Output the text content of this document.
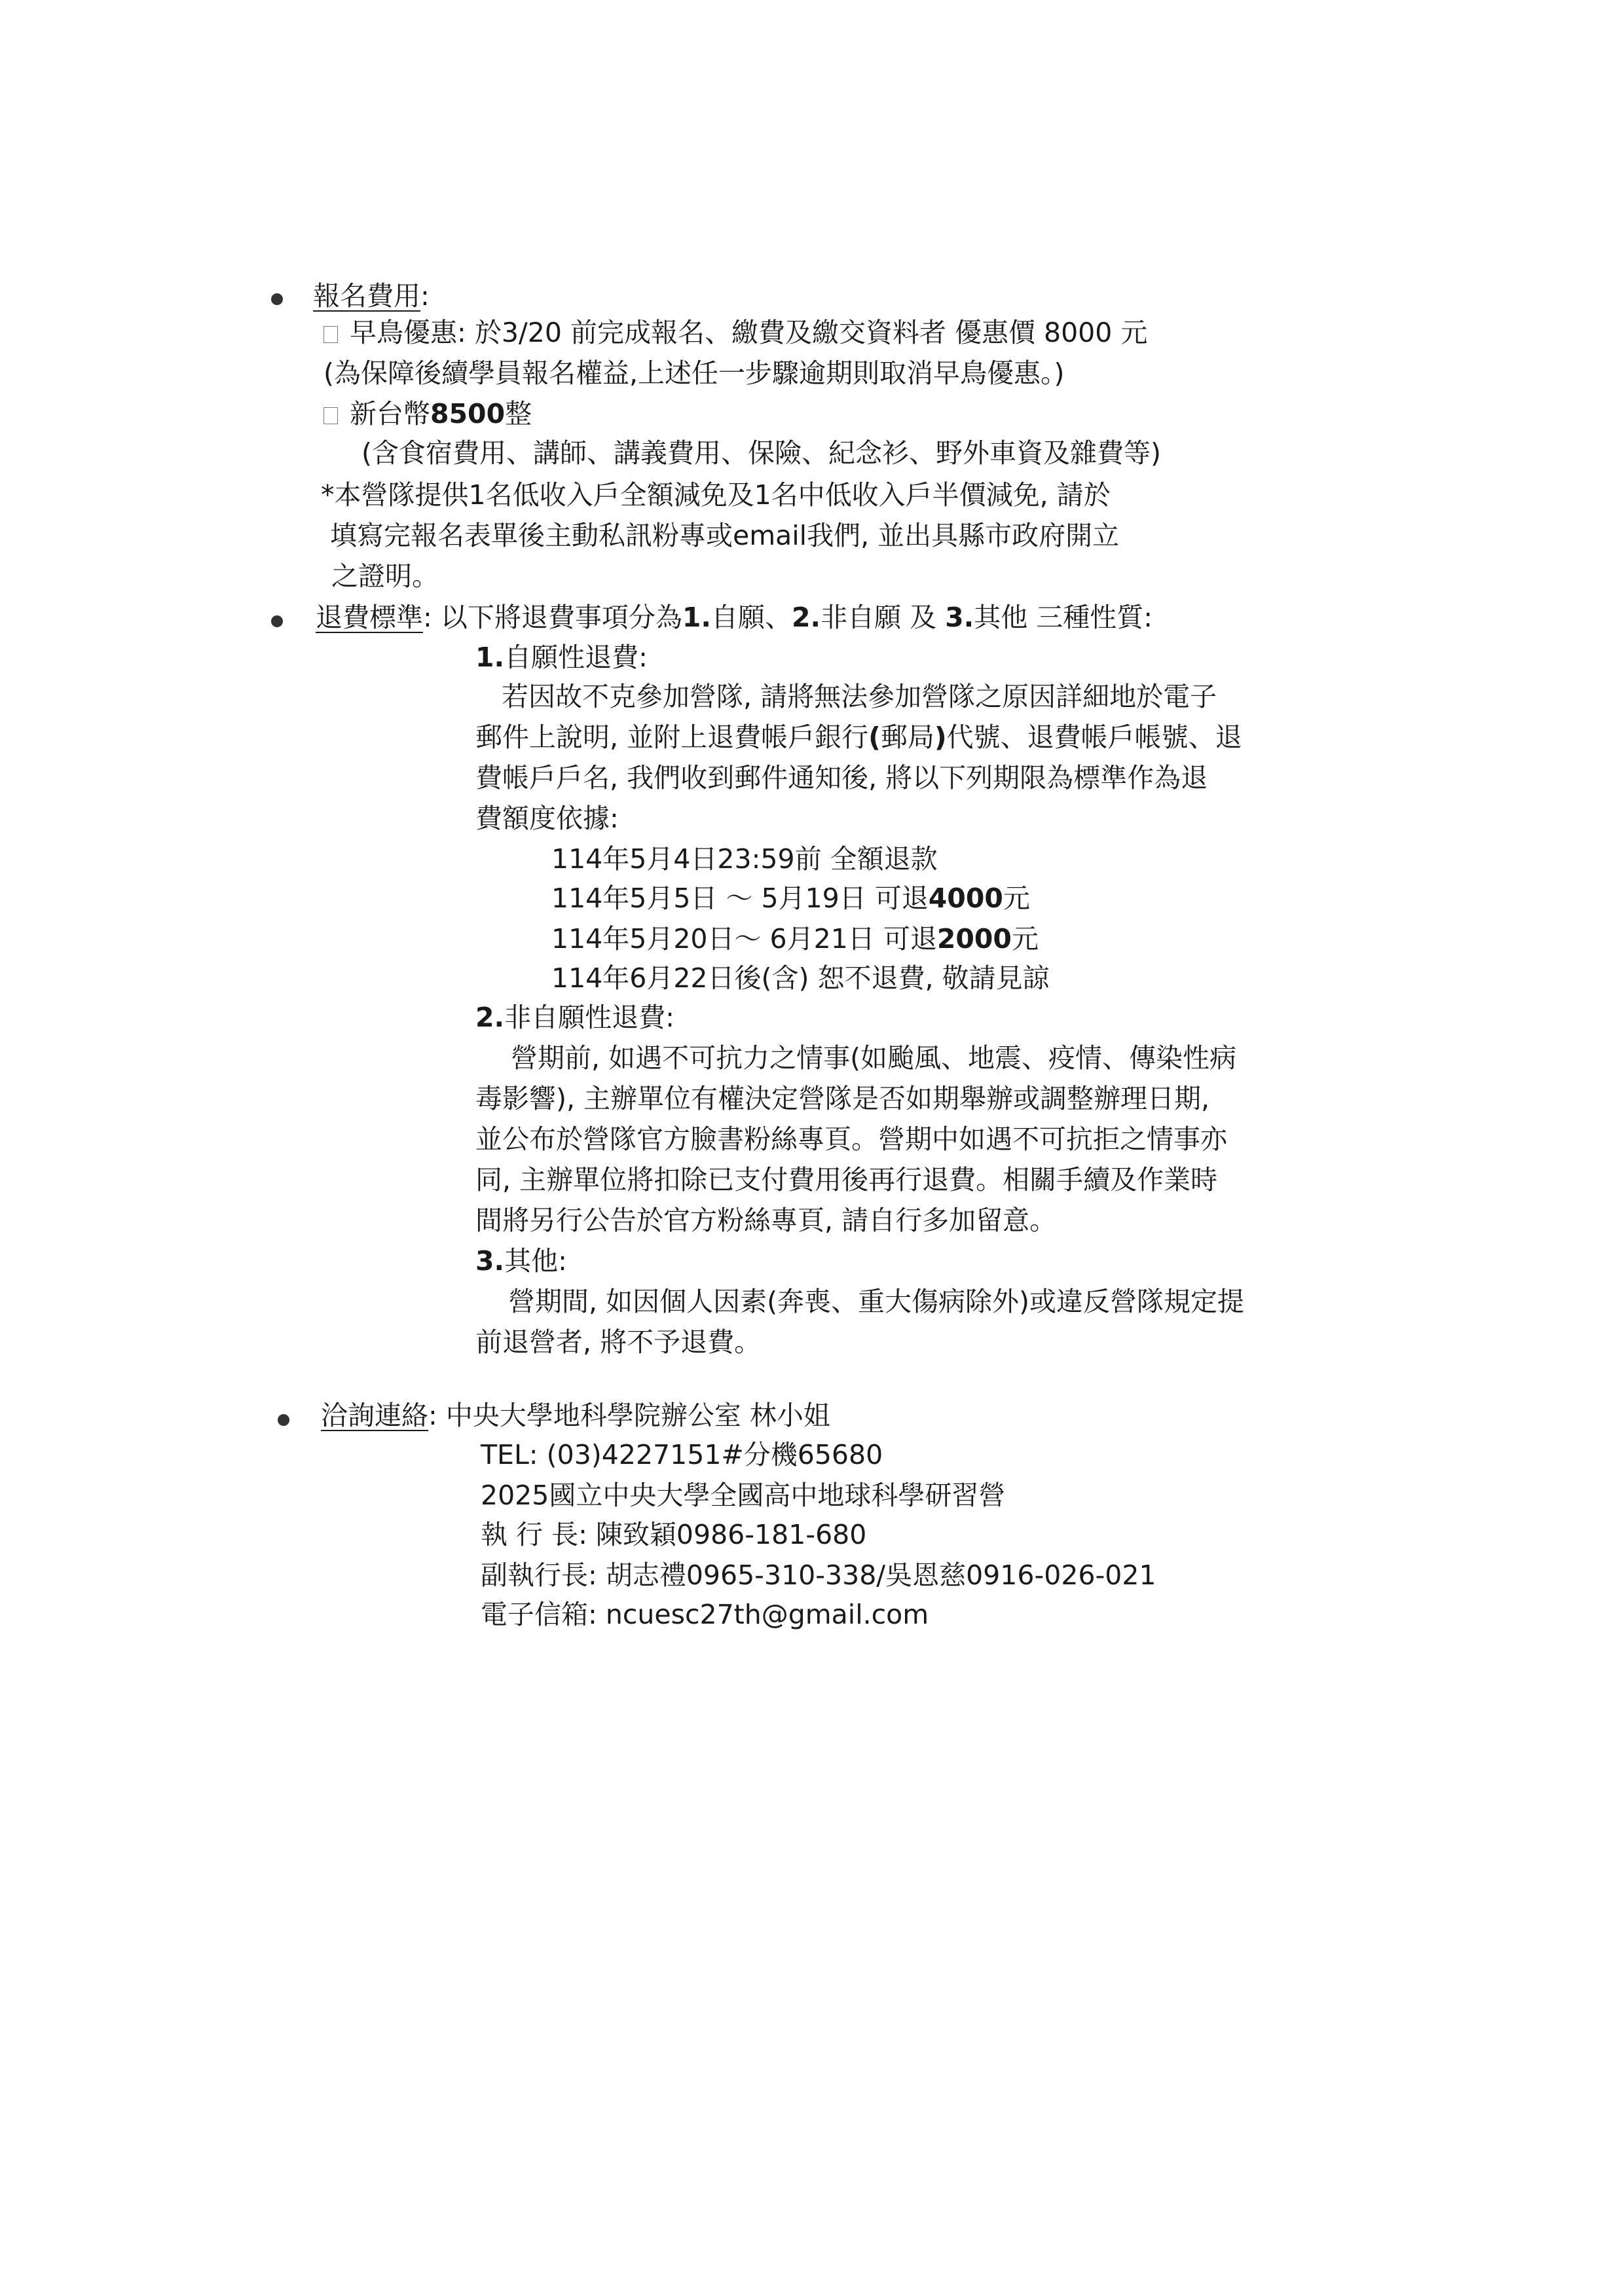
報名費用:
早鳥優惠: 於3/20 前完成報名、繳費及繳交資料者 優惠價 8000 元
(為保障後續學員報名權益,上述任一步驟逾期則取消早鳥優惠。)
新台幣8500整
(含食宿費用、講師、講義費用、保險、紀念衫、野外車資及雜費等)
*本營隊提供1名低收入戶全額減免及1名中低收入戶半價減免, 請於
填寫完報名表單後主動私訊粉專或email我們, 並出具縣市政府開立
之證明。
退費標準: 以下將退費事項分為1.自願、2.非自願 及 3.其他 三種性質:
1.自願性退費:
若因故不克參加營隊, 請將無法參加營隊之原因詳細地於電子
郵件上說明, 並附上退費帳戶銀行(郵局)代號、退費帳戶帳號、退
費帳戶戶名, 我們收到郵件通知後, 將以下列期限為標準作為退
費額度依據:
114年5月4日23:59前 全額退款
114年5月5日 ～ 5月19日 可退4000元
114年5月20日～ 6月21日 可退2000元
114年6月22日後(含) 恕不退費, 敬請見諒
2.非自願性退費:
營期前, 如遇不可抗力之情事(如颱風、地震、疫情、傳染性病
毒影響), 主辦單位有權決定營隊是否如期舉辦或調整辦理日期,
並公布於營隊官方臉書粉絲專頁。營期中如遇不可抗拒之情事亦
同, 主辦單位將扣除已支付費用後再行退費。相關手續及作業時
間將另行公告於官方粉絲專頁, 請自行多加留意。
3.其他:
營期間, 如因個人因素(奔喪、重大傷病除外)或違反營隊規定提
前退營者, 將不予退費。
洽詢連絡: 中央大學地科學院辦公室 林小姐
TEL: (03)4227151#分機65680
2025國立中央大學全國高中地球科學研習營
執 行 長: 陳致穎0986-181-680
副執行長: 胡志禮0965-310-338/吳恩慈0916-026-021
電子信箱: ncuesc27th@gmail.com
